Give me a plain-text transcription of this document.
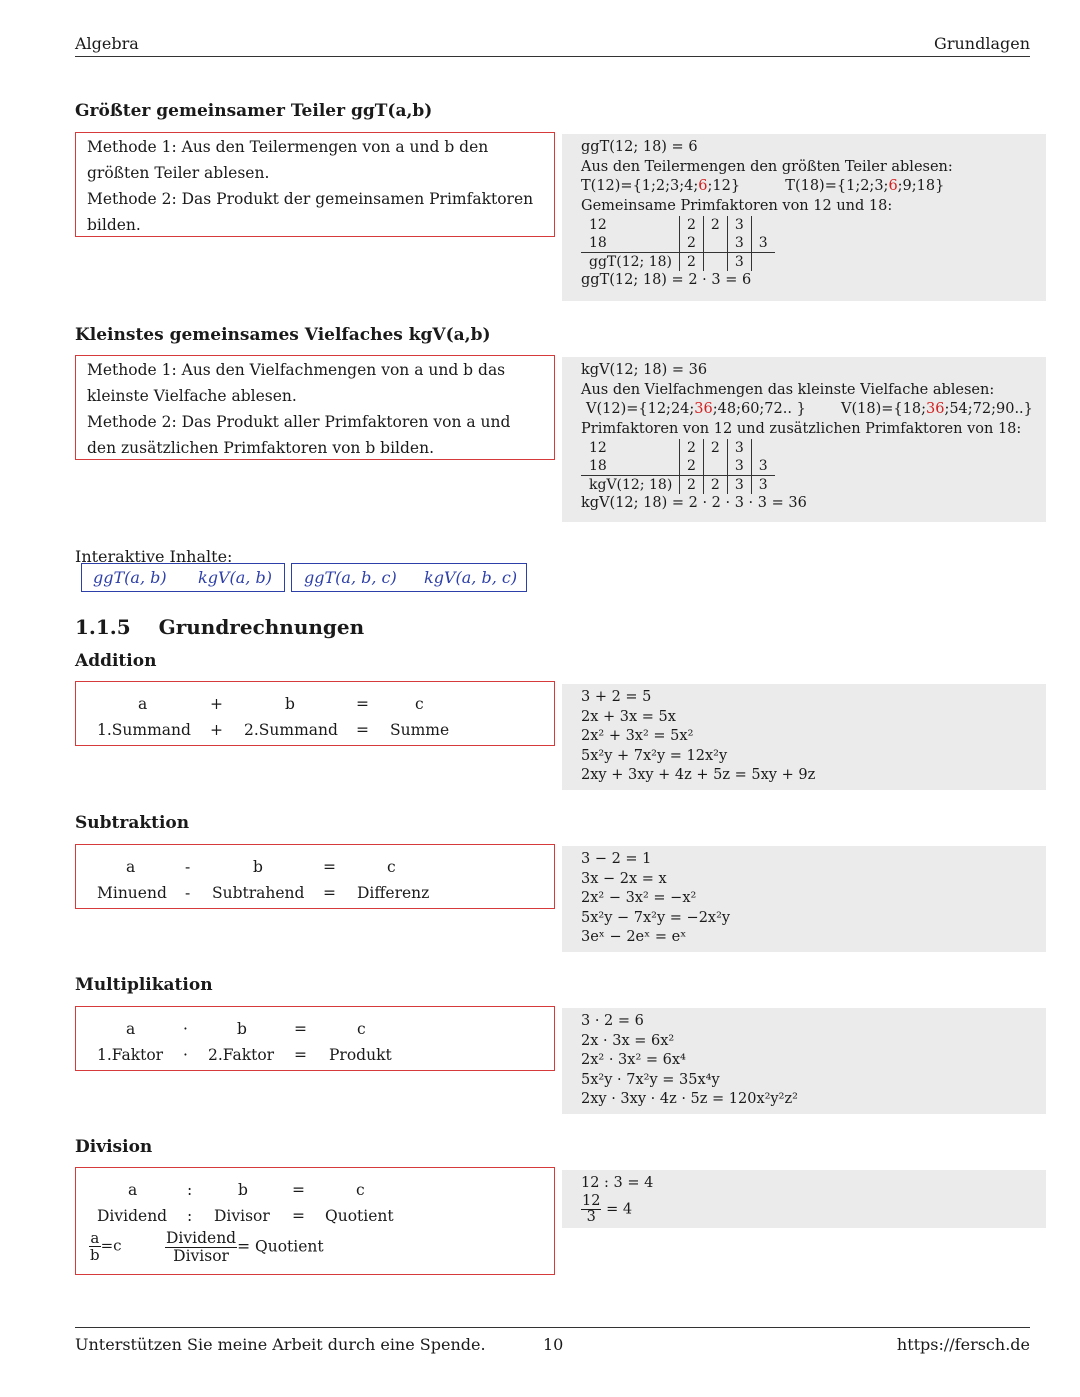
Algebra	Grundlagen
Größter gemeinsamer Teiler ggT(a,b)
Methode 1: Aus den Teilermengen von a und b den größten Teiler ablesen.
Methode 2: Das Produkt der gemeinsamen Primfaktoren bilden.
ggT(12; 18) = 6
Aus den Teilermengen den größten Teiler ablesen:
T(12)={1;2;3;4;6;12}	T(18)={1;2;3;6;9;18}
Gemeinsame Primfaktoren von 12 und 18:
12	2	2	3	
18	2		3	3
ggT(12; 18)	2		3	
ggT(12; 18) = 2 · 3 = 6
Kleinstes gemeinsames Vielfaches kgV(a,b)
Methode 1: Aus den Vielfachmengen von a und b das kleinste Vielfache ablesen.
Methode 2: Das Produkt aller Primfaktoren von a und den zusätzlichen Primfaktoren von b bilden.
kgV(12; 18) = 36
Aus den Vielfachmengen das kleinste Vielfache ablesen:
V(12)={12;24;36;48;60;72.. } V(18)={18;36;54;72;90..}
Primfaktoren von 12 und zusätzlichen Primfaktoren von 18:
12	2	2	3	
18	2		3	3
kgV(12; 18)	2	2	3	3
kgV(12; 18) = 2 · 2 · 3 · 3 = 36
Interaktive Inhalte:
ggT(a, b) kgV(a, b) ggT(a, b, c) kgV(a, b, c)
1.1.5 Grundrechnungen
Addition
a	+	b	=	c
1.Summand + 2.Summand = Summe
3 + 2 = 5
2x + 3x = 5x
2x² + 3x² = 5x²
5x²y + 7x²y = 12x²y
2xy + 3xy + 4z + 5z = 5xy + 9z
Subtraktion
a	-	b	=	c
Minuend - Subtrahend = Differenz
3 − 2 = 1
3x − 2x = x
2x² − 3x² = −x²
5x²y − 7x²y = −2x²y
3eˣ − 2eˣ = eˣ
Multiplikation
a	·	b	=	c
1.Faktor · 2.Faktor = Produkt
3 · 2 = 6
2x · 3x = 6x²
2x² · 3x² = 6x⁴
5x²y · 7x²y = 35x⁴y
2xy · 3xy · 4z · 5z = 120x²y²z²
Division
a	:	b	=	c
Dividend : Divisor = Quotient
$\frac{a}{b} =c$	$\frac{\text{Dividend}}{\text{Divisor}}$ = Quotient
12 : 3 = 4
$\frac{12}{3} = 4$
Unterstützen Sie meine Arbeit durch eine Spende.	10	https://fersch.de
